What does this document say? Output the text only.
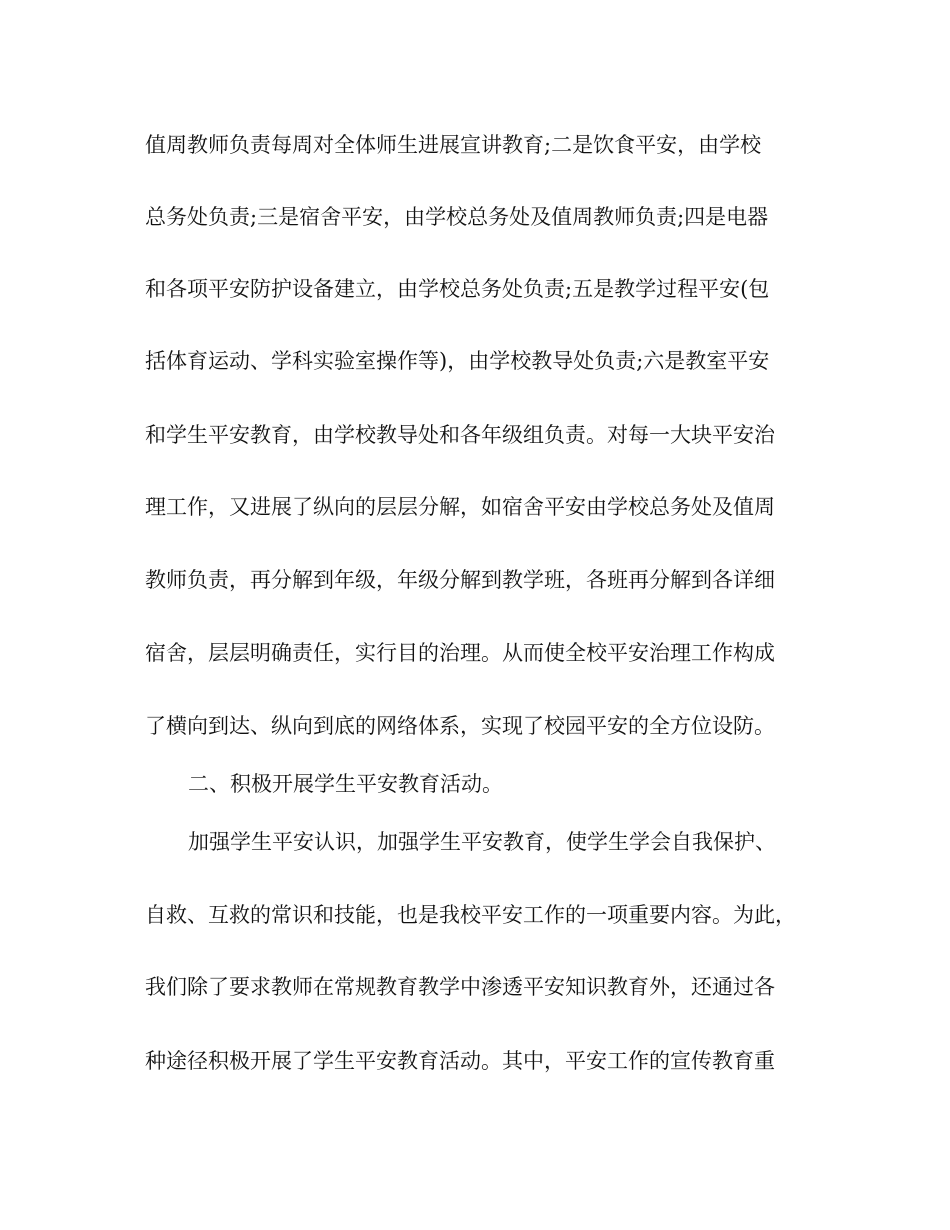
值周教师负责每周对全体师生进展宣讲教育;二是饮食平安，由学校
总务处负责;三是宿舍平安，由学校总务处及值周教师负责;四是电器
和各项平安防护设备建立，由学校总务处负责;五是教学过程平安(包
括体育运动、学科实验室操作等)，由学校教导处负责;六是教室平安
和学生平安教育，由学校教导处和各年级组负责。对每一大块平安治
理工作，又进展了纵向的层层分解，如宿舍平安由学校总务处及值周
教师负责，再分解到年级，年级分解到教学班，各班再分解到各详细
宿舍，层层明确责任，实行目的治理。从而使全校平安治理工作构成
了横向到达、纵向到底的网络体系，实现了校园平安的全方位设防。
二、积极开展学生平安教育活动。
加强学生平安认识，加强学生平安教育，使学生学会自我保护、
自救、互救的常识和技能，也是我校平安工作的一项重要内容。为此，
我们除了要求教师在常规教育教学中渗透平安知识教育外，还通过各
种途径积极开展了学生平安教育活动。其中，平安工作的宣传教育重
